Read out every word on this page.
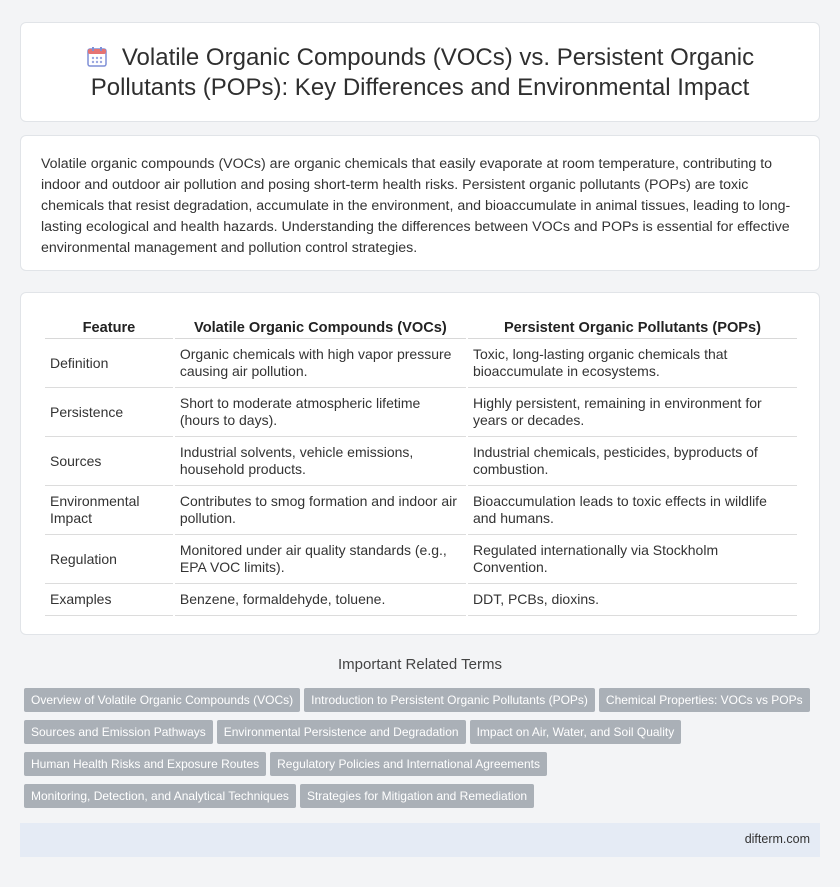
Volatile Organic Compounds (VOCs) vs. Persistent Organic Pollutants (POPs): Key Differences and Environmental Impact

Volatile organic compounds (VOCs) are organic chemicals that easily evaporate at room temperature, contributing to indoor and outdoor air pollution and posing short-term health risks. Persistent organic pollutants (POPs) are toxic chemicals that resist degradation, accumulate in the environment, and bioaccumulate in animal tissues, leading to long-lasting ecological and health hazards. Understanding the differences between VOCs and POPs is essential for effective environmental management and pollution control strategies.

Feature	Volatile Organic Compounds (VOCs)	Persistent Organic Pollutants (POPs)
Definition	Organic chemicals with high vapor pressure causing air pollution.	Toxic, long-lasting organic chemicals that bioaccumulate in ecosystems.
Persistence	Short to moderate atmospheric lifetime (hours to days).	Highly persistent, remaining in environment for years or decades.
Sources	Industrial solvents, vehicle emissions, household products.	Industrial chemicals, pesticides, byproducts of combustion.
Environmental Impact	Contributes to smog formation and indoor air pollution.	Bioaccumulation leads to toxic effects in wildlife and humans.
Regulation	Monitored under air quality standards (e.g., EPA VOC limits).	Regulated internationally via Stockholm Convention.
Examples	Benzene, formaldehyde, toluene.	DDT, PCBs, dioxins.
Important Related Terms
Overview of Volatile Organic Compounds (VOCs) Introduction to Persistent Organic Pollutants (POPs) Chemical Properties: VOCs vs POPs
Sources and Emission Pathways Environmental Persistence and Degradation Impact on Air, Water, and Soil Quality
Human Health Risks and Exposure Routes Regulatory Policies and International Agreements
Monitoring, Detection, and Analytical Techniques Strategies for Mitigation and Remediation
difterm.com
